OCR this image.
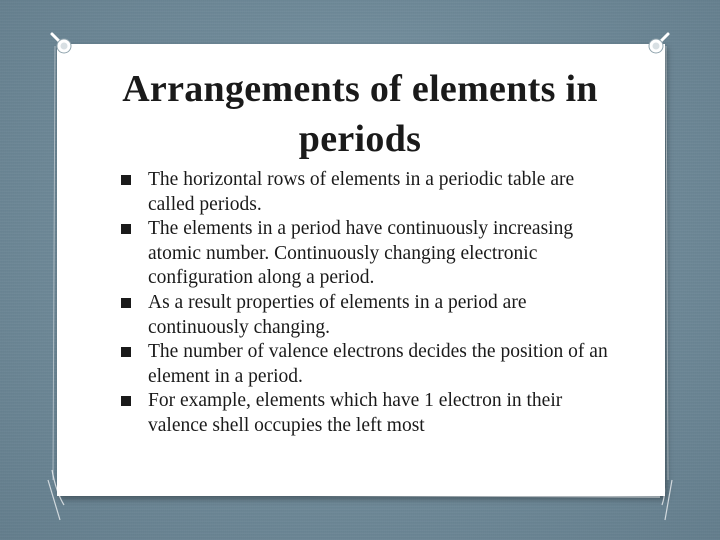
Arrangements of elements in periods
The horizontal rows of elements in a periodic table are called periods.
The elements in a period have continuously increasing atomic number. Continuously changing electronic configuration along a period.
As a result properties of elements in a period are continuously changing.
The number of valence electrons decides the position of an element in a period.
For example, elements which have 1 electron in their valence shell occupies the left most
